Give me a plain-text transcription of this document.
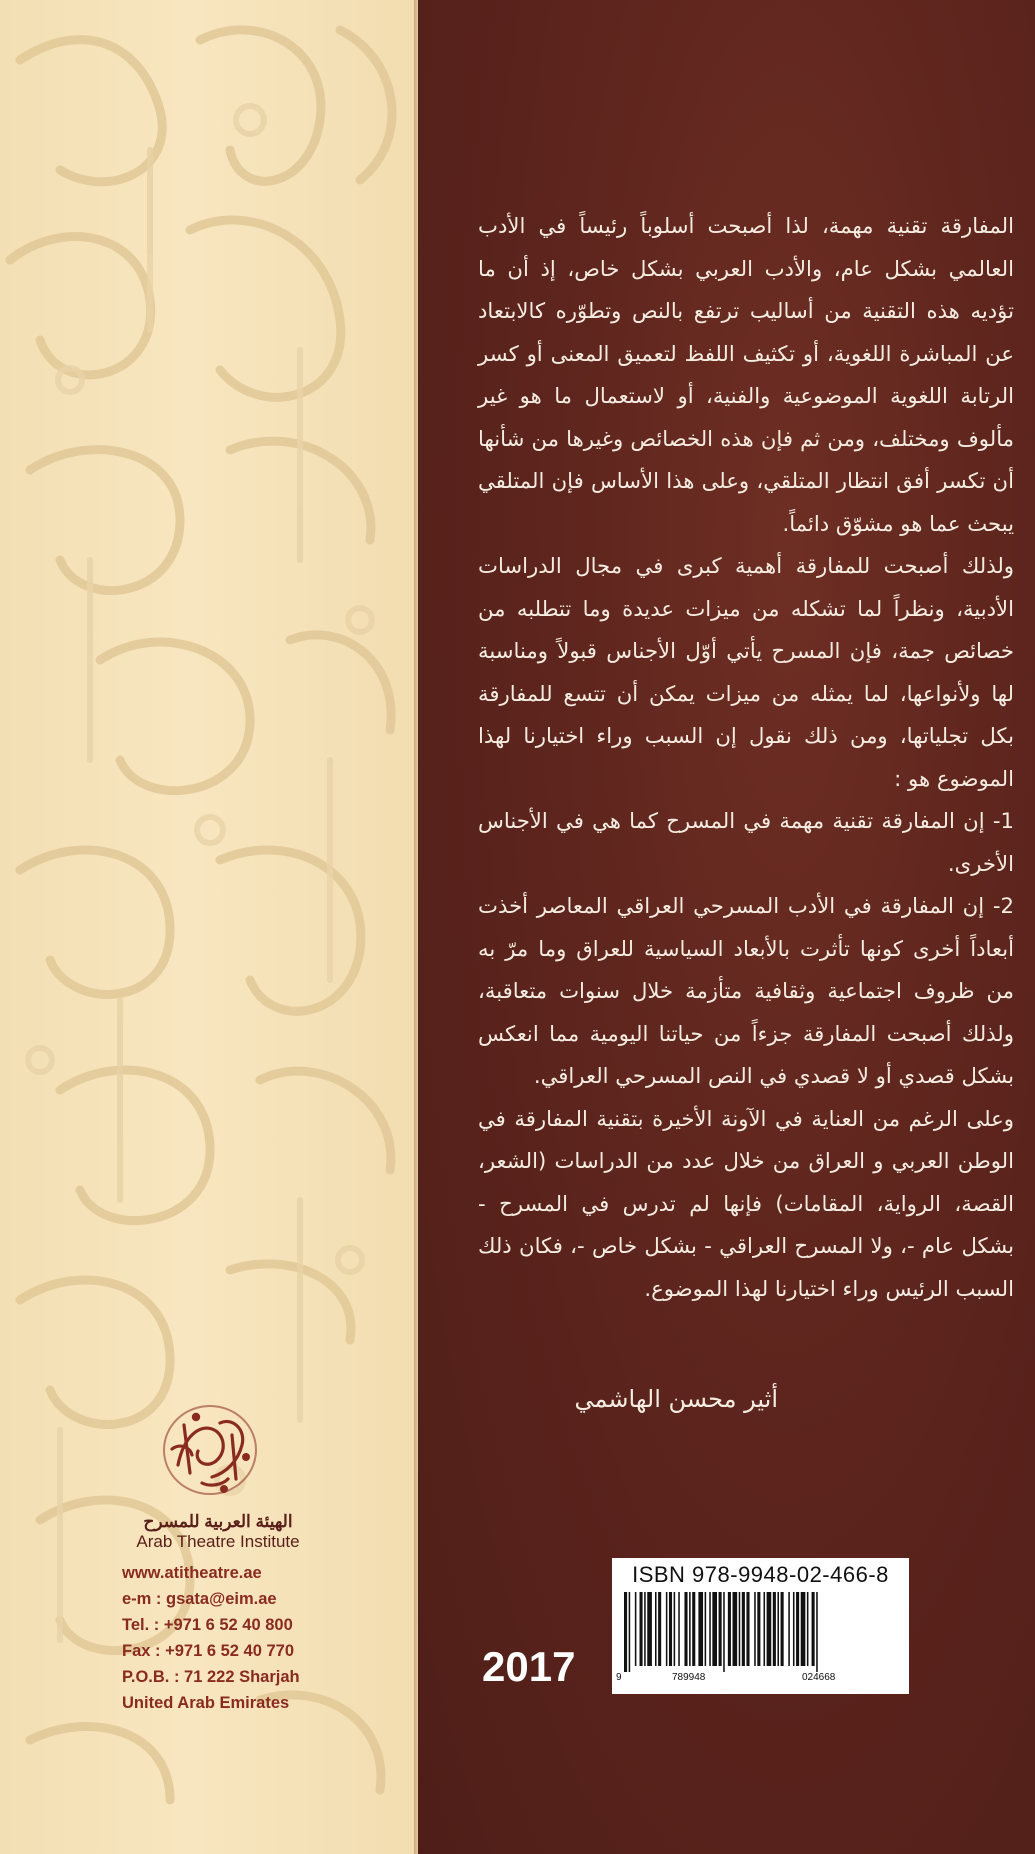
الهيئة العربية للمسرح
Arab Theatre Institute
www.atitheatre.ae
e-m : gsata@eim.ae
Tel. : +971 6 52 40 800
Fax : +971 6 52 40 770
P.O.B. : 71 222 Sharjah
United Arab Emirates

المفارقة تقنية مهمة، لذا أصبحت أسلوباً رئيساً في الأدب العالمي بشكل عام، والأدب العربي بشكل خاص، إذ أن ما تؤديه هذه التقنية من أساليب ترتفع بالنص وتطوّره كالابتعاد عن المباشرة اللغوية، أو تكثيف اللفظ لتعميق المعنى أو كسر الرتابة اللغوية الموضوعية والفنية، أو لاستعمال ما هو غير مألوف ومختلف، ومن ثم فإن هذه الخصائص وغيرها من شأنها أن تكسر أفق انتظار المتلقي، وعلى هذا الأساس فإن المتلقي يبحث عما هو مشوّق دائماً.

ولذلك أصبحت للمفارقة أهمية كبرى في مجال الدراسات الأدبية، ونظراً لما تشكله من ميزات عديدة وما تتطلبه من خصائص جمة، فإن المسرح يأتي أوّل الأجناس قبولاً ومناسبة لها ولأنواعها، لما يمثله من ميزات يمكن أن تتسع للمفارقة بكل تجلياتها، ومن ذلك نقول إن السبب وراء اختيارنا لهذا الموضوع هو :

1- إن المفارقة تقنية مهمة في المسرح كما هي في الأجناس الأخرى.

2- إن المفارقة في الأدب المسرحي العراقي المعاصر أخذت أبعاداً أخرى كونها تأثرت بالأبعاد السياسية للعراق وما مرّ به من ظروف اجتماعية وثقافية متأزمة خلال سنوات متعاقبة، ولذلك أصبحت المفارقة جزءاً من حياتنا اليومية مما انعكس بشكل قصدي أو لا قصدي في النص المسرحي العراقي.

وعلى الرغم من العناية في الآونة الأخيرة بتقنية المفارقة في الوطن العربي و العراق من خلال عدد من الدراسات (الشعر، القصة، الرواية، المقامات) فإنها لم تدرس في المسرح - بشكل عام -، ولا المسرح العراقي - بشكل خاص -، فكان ذلك السبب الرئيس وراء اختيارنا لهذا الموضوع.

أثير محسن الهاشمي
ISBN 978-9948-02-466-8
9	789948	024668
2017
